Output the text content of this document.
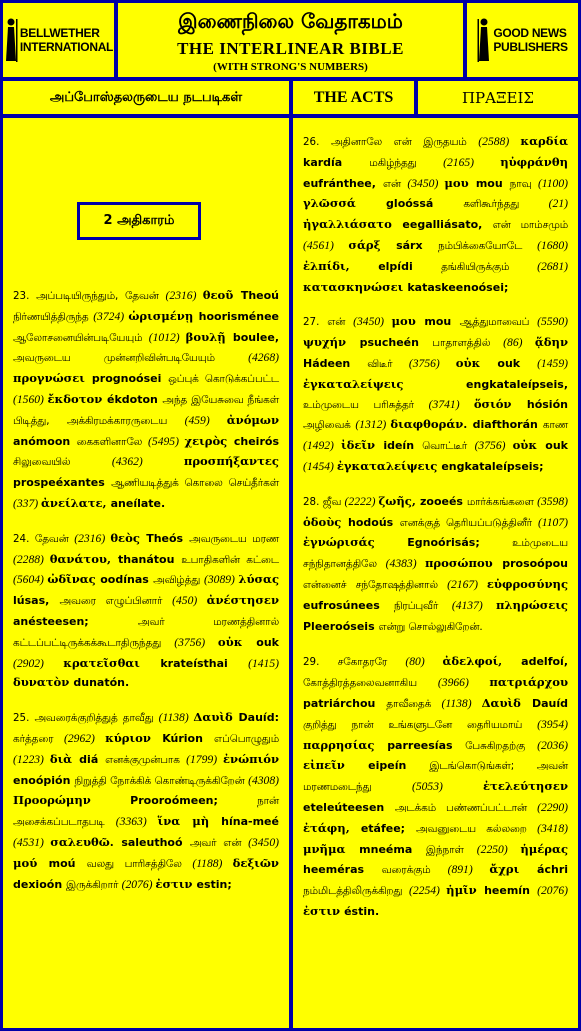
BELLWETHER
INTERNATIONAL
இணைநிலை வேதாகமம்
THE INTERLINEAR BIBLE
(WITH STRONG'S NUMBERS)
GOOD NEWS
PUBLISHERS
அப்போஸ்தலருடைய நடபடிகள்	THE ACTS	ΠΡΑΞΕΙΣ

23. அப்படியிருந்தும், தேவன் (2316) θεοῦ Theoú நிர்ணயித்திருந்த (3724) ὡρισμένῃ hoorisménee ஆலோசனையின்படியேயும் (1012) βουλῇ boulee, அவருடைய முன்னறிவின்படியேயும் (4268) προγνώσει prognoósei ஒப்புக் கொடுக்கப்பட்ட (1560) ἔκδοτον ékdoton அந்த இயேசுவை நீங்கள் பிடித்து, அக்கிரமக்காரருடைய (459) ἀνόμων anómoon கைகளினாலே (5495) χειρὸς cheirós சிலுவையில் (4362) προσπήξαντες prospeéxantes ஆணியடித்துக் கொலை செய்தீர்கள் (337) ἀνείλατε, aneílate.

24. தேவன் (2316) θεὸς Theós அவருடைய மரண (2288) θανάτου, thanátou உபாதிகளின் கட்டை (5604) ὠδῖνας oodínas அவிழ்த்து (3089) λύσας lúsas, அவரை எழுப்பினார் (450) ἀνέστησεν anésteesen; அவர் மரணத்தினால் கட்டப்பட்டிருக்கக்கூடாதிருந்தது (3756) οὐκ ouk (2902) κρατεῖσθαι krateísthai (1415) δυνατὸν dunatón.

25. அவரைக்குறித்துத் தாவீது (1138) Δαυὶδ Dauíd: கர்த்தரை (2962) κύριον Kúrion எப்பொழுதும் (1223) διὰ diá எனக்குமுன்பாக (1799) ἐνώπιόν enoópión நிறுத்தி நோக்கிக் கொண்டிருக்கிறேன் (4308) Προορώμην Prooroómeen; நான் அசைக்கப்படாதபடி (3363) ἵνα μὴ hína-meé (4531) σαλευθῶ. saleuthoó அவர் என் (3450) μού moú வலது பாரிசத்திலே (1188) δεξιῶν dexioón இருக்கிறார் (2076) ἐστιν estin;

2 அதிகாரம்

26. அதினாலே என் இருதயம் (2588) καρδία kardía மகிழ்ந்தது (2165) ηὐφράνθη eufránthee, என் (3450) μου mou நாவு (1100) γλῶσσά gloóssá களிகூர்ந்தது (21) ἠγαλλιάσατο eegalliásato, என் மாம்சமும் (4561) σάρξ sárx நம்பிக்கையோடே (1680) ἐλπίδι, elpídi தங்கியிருக்கும் (2681) κατασκηνώσει kataskeenoósei;

27. என் (3450) μου mou ஆத்துமாவைப் (5590) ψυχήν psucheén பாதாளத்தில் (86) ᾅδην Hádeen விடீர் (3756) οὐκ ouk (1459) ἐγκαταλείψεις engkataleípseis, உம்முடைய பரிசுத்தர் (3741) ὅσιόν hósión அழிவைக் (1312) διαφθοράν. diafthorán காண (1492) ἰδεῖν ideín வொட்டீர் (3756) οὐκ ouk (1454) ἐγκαταλείψεις engkataleípseis;

28. ஜீவ (2222) ζωῆς, zooeés மார்க்கங்களை (3598) ὁδοὺς hodoús எனக்குத் தெரியப்படுத்தினீர் (1107) ἐγνώρισάς Egnoórisás; உம்முடைய சந்நிதானத்திலே (4383) προσώπου prosoópou என்னைச் சந்தோஷத்தினால் (2167) εὐφροσύνης eufrosúnees நிரப்புவீர் (4137) πληρώσεις Pleeroóseis என்று சொல்லுகிறேன்.

29. சகோதரரே (80) ἀδελφοί, adelfoí, கோத்திரத்தலைவனாகிய (3966) πατριάρχου patriárchou தாவீதைக் (1138) Δαυὶδ Dauíd குறித்து நான் உங்களுடனே தைரியமாய் (3954) παρρησίας parreesías பேசுகிறதற்கு (2036) εἰπεῖν eipeín இடங்கொடுங்கள்; அவன் மரணமடைந்து (5053) ἐτελεύτησεν eteleúteesen அடக்கம் பண்ணப்பட்டான் (2290) ἐτάφη, etáfee; அவனுடைய கல்லறை (3418) μνῆμα mneéma இந்நாள் (2250) ἡμέρας heeméras வரைக்கும் (891) ἄχρι áchri நம்மிடத்திலிருக்கிறது (2254) ἡμῖν heemín (2076) ἐστιν éstin.
